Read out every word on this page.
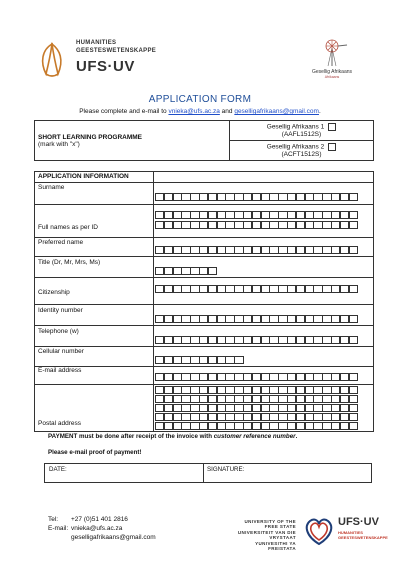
HUMANITIES
GEESTESWETENSKAPPE
UFS·UV	Gesellig Afrikaans
Afrikaans
APPLICATION FORM
Please complete and e-mail to vnieka@ufs.ac.za and geselligafrikaans@gmail.com.
SHORT LEARNING PROGRAMME
(mark with "x")
	Gesellig Afrikaans 1
(AAFL1512S)
Gesellig Afrikaans 2
(ACFT1512S)
APPLICATION INFORMATION
Surname
Full names as per ID
Preferred name
Title (Dr, Mr, Mrs, Ms)
Citizenship
Identity number
Telephone (w)
Cellular number
E-mail address
Postal address
PAYMENT must be done after receipt of the invoice with customer reference number.
Please e-mail proof of payment!
DATE:	SIGNATURE:
Tel: +27 (0)51 401 2816
E-mail: vnieka@ufs.ac.za
geselligafrikaans@gmail.com
UNIVERSITY OF THE
FREE STATE
UNIVERSITEIT VAN DIE
VRYSTAAT
YUNIVESITHI YA
FREISTATA
UFS·UV
HUMANITIES
GEESTESWETENSKAPPE
